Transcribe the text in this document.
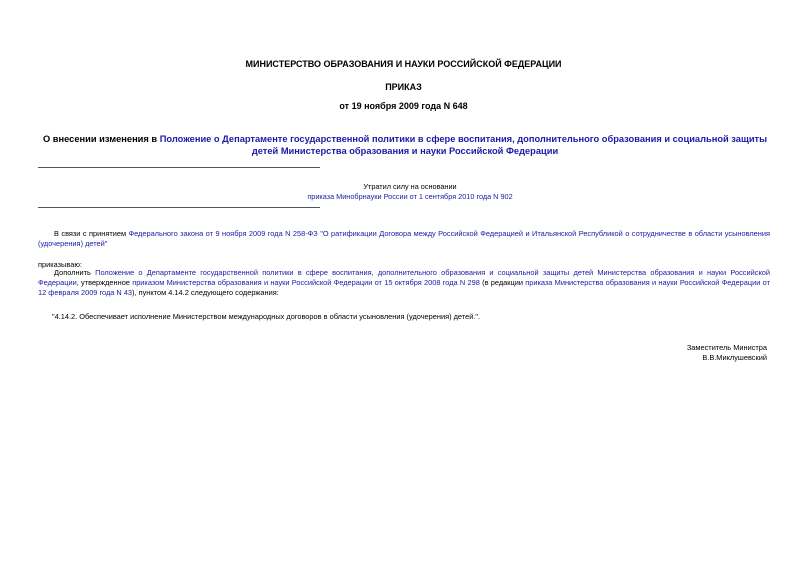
МИНИСТЕРСТВО ОБРАЗОВАНИЯ И НАУКИ РОССИЙСКОЙ ФЕДЕРАЦИИ
ПРИКАЗ
от 19 ноября 2009 года N 648
О внесении изменения в Положение о Департаменте государственной политики в сфере воспитания, дополнительного образования и социальной защиты детей Министерства образования и науки Российской Федерации
Утратил силу на основании
приказа Минобрнауки России от 1 сентября 2010 года N 902
В связи с принятием Федерального закона от 9 ноября 2009 года N 258-ФЗ "О ратификации Договора между Российской Федерацией и Итальянской Республикой о сотрудничестве в области усыновления (удочерения) детей"
приказываю:
Дополнить Положение о Департаменте государственной политики в сфере воспитания, дополнительного образования и социальной защиты детей Министерства образования и науки Российской Федерации, утвержденное приказом Министерства образования и науки Российской Федерации от 15 октября 2008 года N 298 (в редакции приказа Министерства образования и науки Российской Федерации от 12 февраля 2009 года N 43), пунктом 4.14.2 следующего содержания:
"4.14.2. Обеспечивает исполнение Министерством международных договоров в области усыновления (удочерения) детей.".
Заместитель Министра
В.В.Миклушевский
